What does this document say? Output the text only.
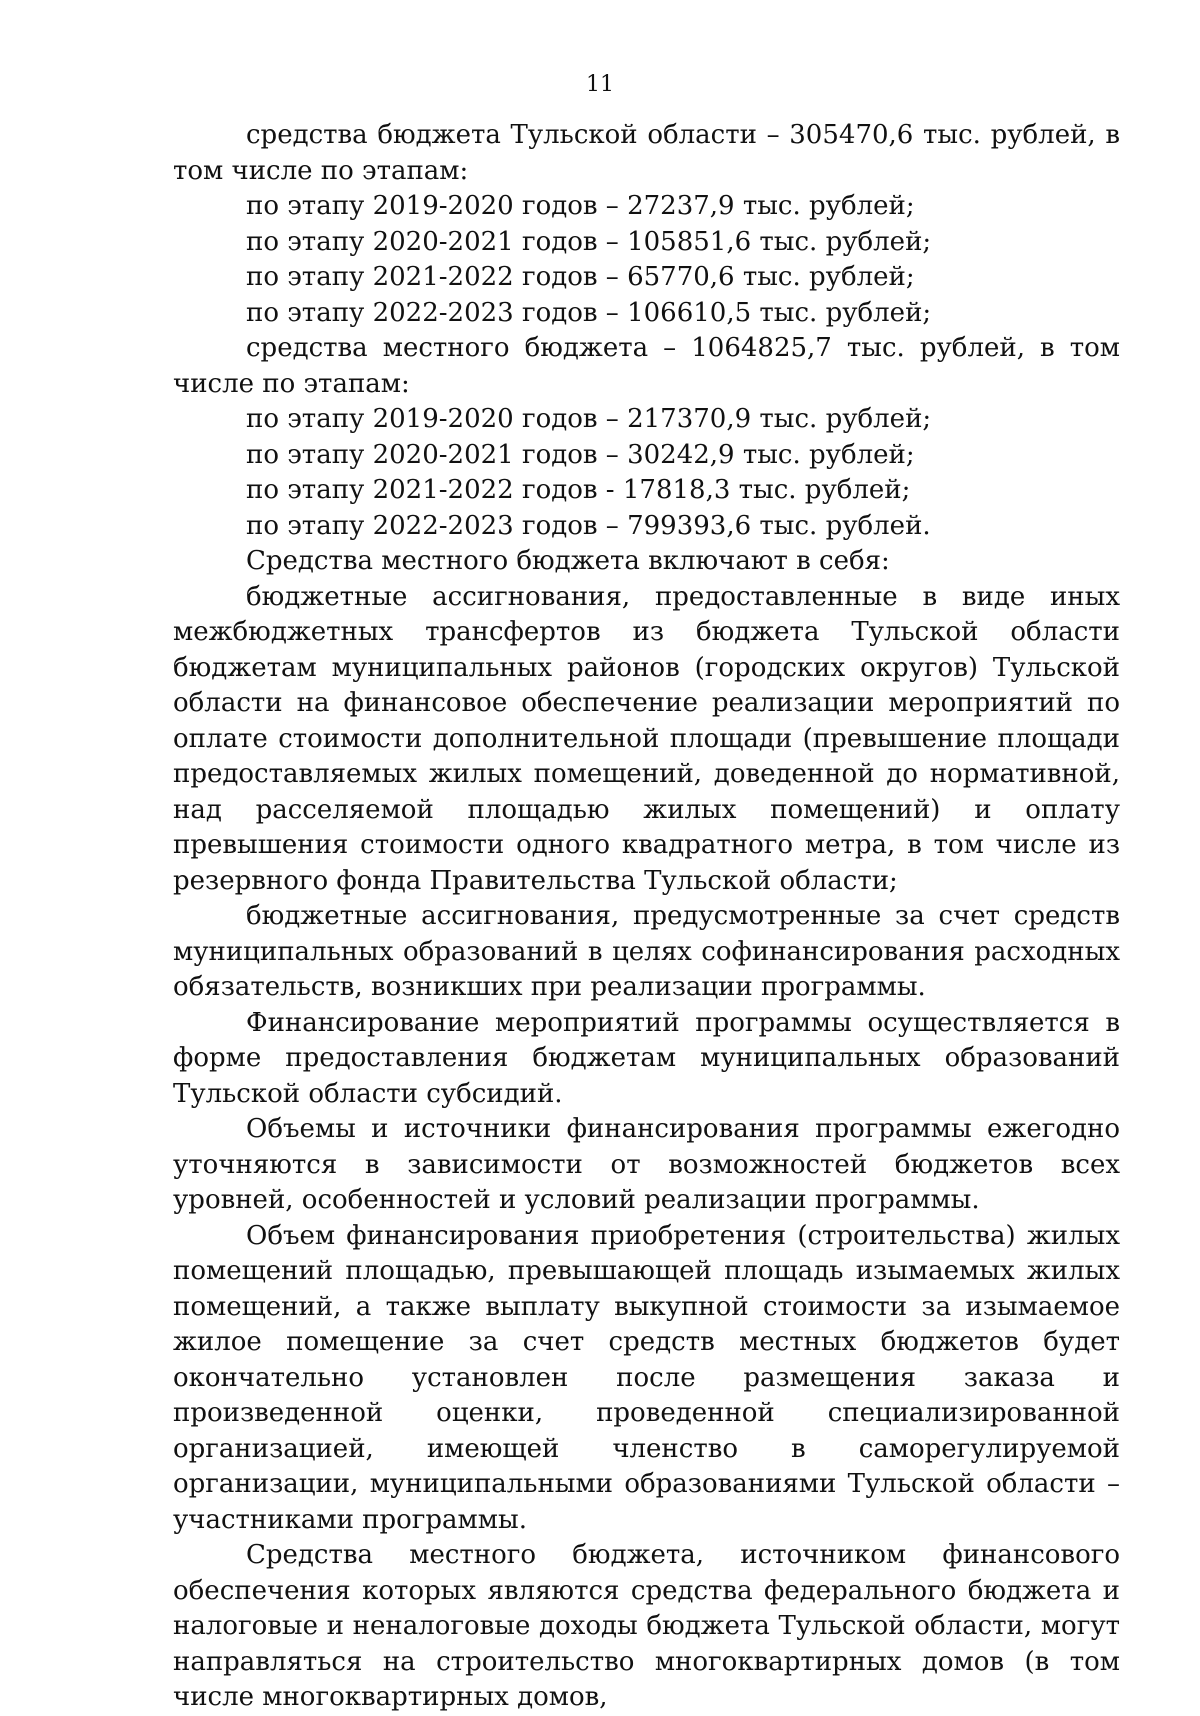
11

средства бюджета Тульской области – 305470,6 тыс. рублей, в том числе по этапам:

по этапу 2019-2020 годов – 27237,9 тыс. рублей;

по этапу 2020-2021 годов – 105851,6 тыс. рублей;

по этапу 2021-2022 годов – 65770,6 тыс. рублей;

по этапу 2022-2023 годов – 106610,5 тыс. рублей;

средства местного бюджета – 1064825,7 тыс. рублей, в том числе по этапам:

по этапу 2019-2020 годов – 217370,9 тыс. рублей;

по этапу 2020-2021 годов – 30242,9 тыс. рублей;

по этапу 2021-2022 годов - 17818,3 тыс. рублей;

по этапу 2022-2023 годов – 799393,6 тыс. рублей.

Средства местного бюджета включают в себя:

бюджетные ассигнования, предоставленные в виде иных межбюджетных трансфертов из бюджета Тульской области бюджетам муниципальных районов (городских округов) Тульской области на финансовое обеспечение реализации мероприятий по оплате стоимости дополнительной площади (превышение площади предоставляемых жилых помещений, доведенной до нормативной, над расселяемой площадью жилых помещений) и оплату превышения стоимости одного квадратного метра, в том числе из резервного фонда Правительства Тульской области;

бюджетные ассигнования, предусмотренные за счет средств муниципальных образований в целях софинансирования расходных обязательств, возникших при реализации программы.

Финансирование мероприятий программы осуществляется в форме предоставления бюджетам муниципальных образований Тульской области субсидий.

Объемы и источники финансирования программы ежегодно уточняются в зависимости от возможностей бюджетов всех уровней, особенностей и условий реализации программы.

Объем финансирования приобретения (строительства) жилых помещений площадью, превышающей площадь изымаемых жилых помещений, а также выплату выкупной стоимости за изымаемое жилое помещение за счет средств местных бюджетов будет окончательно установлен после размещения заказа и произведенной оценки, проведенной специализированной организацией, имеющей членство в саморегулируемой организации, муниципальными образованиями Тульской области – участниками программы.

Средства местного бюджета, источником финансового обеспечения которых являются средства федерального бюджета и налоговые и неналоговые доходы бюджета Тульской области, могут направляться на строительство многоквартирных домов (в том числе многоквартирных домов,
